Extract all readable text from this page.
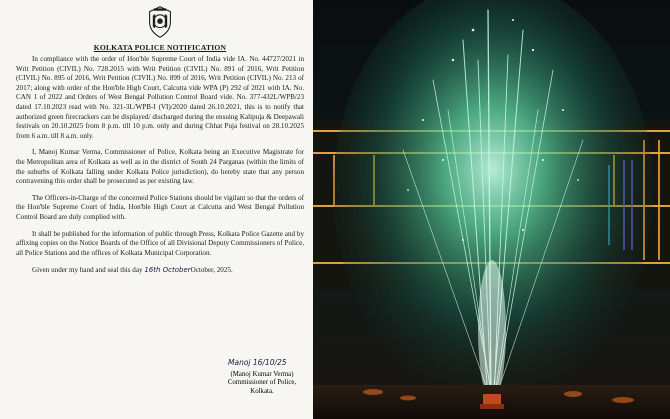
KOLKATA POLICE NOTIFICATION

In compliance with the order of Hon'ble Supreme Court of India vide IA. No. 44727/2021 in Writ Petition (CIVIL) No. 728.2015 with Writ Petition (CIVIL) No. 891 of 2016, Writ Petition (CIVIL) No. 895 of 2016, Writ Petition (CIVIL) No. 899 of 2016, Writ Petition (CIVIL) No. 213 of 2017; along with order of the Hon'ble High Court, Calcutta vide WPA (P) 292 of 2021 with IA. No. CAN 1 of 2022 and Orders of West Bengal Pollution Control Board vide. No. 377-432L/WPB/23 dated 17.10.2023 read with No. 321-3L/WPB-I (VI)/2020 dated 26.10.2021, this is to notify that authorized green firecrackers can be displayed/ discharged during the ensuing Kalipuja & Deepawali festivals on 20.10.2025 from 8 p.m. till 10 p.m. only and during Chhat Puja festival on 28.10.2025 from 6 a.m. till 8 a.m. only.

I, Manoj Kumar Verma, Commissioner of Police, Kolkata being an Executive Magistrate for the Metropolitan area of Kolkata as well as in the district of South 24 Parganas (within the limits of the suburbs of Kolkata falling under Kolkata Police jurisdiction), do hereby state that any person contravening this order shall be prosecuted as per existing law.

The Officers-in-Charge of the concerned Police Stations should be vigilant so that the orders of the Hon'ble Supreme Court of India, Hon'ble High Court at Calcutta and West Bengal Pollution Control Board are duly complied with.

It shall be published for the information of public through Press, Kolkata Police Gazette and by affixing copies on the Notice Boards of the Office of all Divisional Deputy Commissioners of Police, all Police Stations and the offices of Kolkata Municipal Corporation.

Given under my hand and seal this day 16th OctoberOctober, 2025.

Manoj 16/10/25
(Manoj Kumar Verma)
Commissioner of Police,
Kolkata.
